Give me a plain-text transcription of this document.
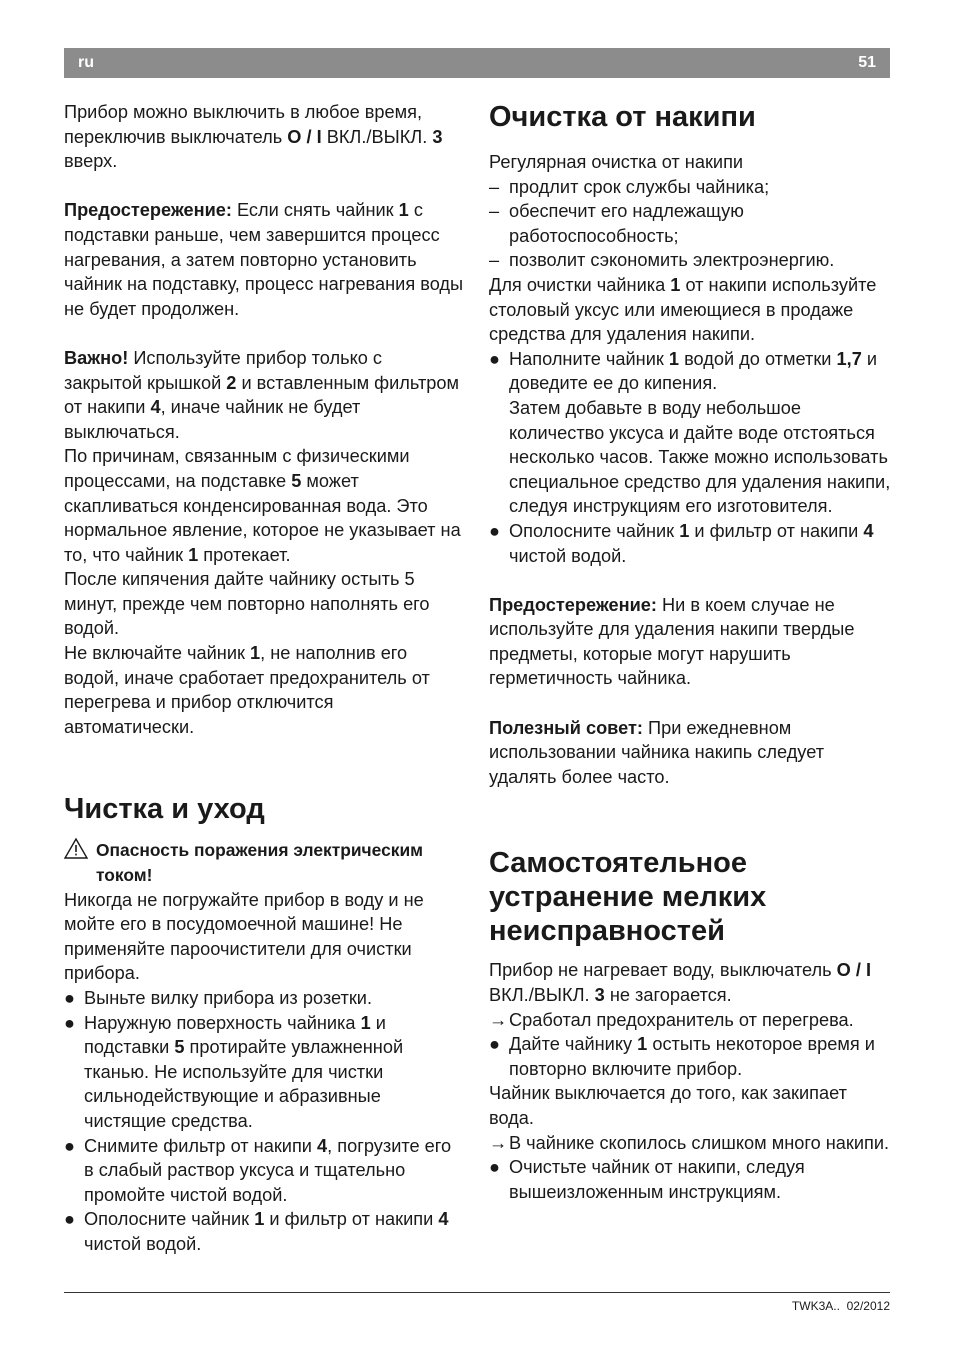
ru	51

Прибор можно выключить в любое время, переключив выключатель O / I ВКЛ./ВЫКЛ. 3 вверх.

Предостережение: Если снять чайник 1 с подставки раньше, чем завершится процесс нагревания, а затем повторно установить чайник на подставку, процесс нагревания воды не будет продолжен.

Важно! Используйте прибор только с закрытой крышкой 2 и вставленным фильтром от накипи 4, иначе чайник не будет выключаться.

По причинам, связанным с физическими процессами, на подставке 5 может скапливаться конденсированная вода. Это нормальное явление, которое не указывает на то, что чайник 1 протекает.

После кипячения дайте чайнику остыть 5 минут, прежде чем повторно наполнять его водой.

Не включайте чайник 1, не наполнив его водой, иначе сработает предохранитель от перегрева и прибор отключится автоматически.

Чистка и уход
Опасность поражения электрическим током!

Никогда не погружайте прибор в воду и не мойте его в посудомоечной машине! Не применяйте пароочистители для очистки прибора.

● Выньте вилку прибора из розетки.
● Наружную поверхность чайника 1 и подставки 5 протирайте увлажненной тканью. Не используйте для чистки сильнодействующие и абразивные чистящие средства.
● Снимите фильтр от накипи 4, погрузите его в слабый раствор уксуса и тщательно промойте чистой водой.
● Ополосните чайник 1 и фильтр от накипи 4 чистой водой.
Очистка от накипи

Регулярная очистка от накипи

– продлит срок службы чайника;
– обеспечит его надлежащую работоспособность;
– позволит сэкономить электроэнергию.

Для очистки чайника 1 от накипи используйте столовый уксус или имеющиеся в продаже средства для удаления накипи.

● Наполните чайник 1 водой до отметки 1,7 и доведите ее до кипения.
Затем добавьте в воду небольшое количество уксуса и дайте воде отстояться несколько часов. Также можно использовать специальное средство для удаления накипи, следуя инструкциям его изготовителя.
● Ополосните чайник 1 и фильтр от накипи 4 чистой водой.

Предостережение: Ни в коем случае не используйте для удаления накипи твердые предметы, которые могут нарушить герметичность чайника.

Полезный совет: При ежедневном использовании чайника накипь следует удалять более часто.

Самостоятельное
устранение мелких
неисправностей

Прибор не нагревает воду, выключатель O / I ВКЛ./ВЫКЛ. 3 не загорается.

→ Сработал предохранитель от перегрева.
● Дайте чайнику 1 остыть некоторое время и повторно включите прибор.

Чайник выключается до того, как закипает вода.

→ В чайнике скопилось слишком много накипи.
● Очистьте чайник от накипи, следуя вышеизложенным инструкциям.
TWK3A.. 02/2012
